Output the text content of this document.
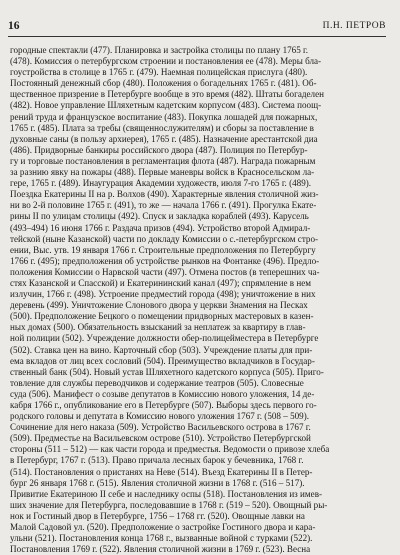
16	П.Н. ПЕТРОВ
городные спектакли (477). Планировка и застройка столицы по плану 1765 г.
(478). Комиссия о петербургском строении и постановления ее (478). Меры бла-
гоустройства в столице в 1765 г. (479). Наемная полицейская прислуга (480).
Постоянный денежный сбор (480). Положения о богадельнях 1765 г. (481). Об-
щественное призрение в Петербурге вообще в это время (482). Штаты богаделен
(482). Новое управление Шляхетным кадетским корпусом (483). Система поощ-
рений труда и французское воспитание (483). Покупка лошадей для пожарных,
1765 г. (485). Плата за требы (священнослужителям) и сборы за поставление в
духовные саны (в пользу архиерея), 1765 г. (485). Назначение арестантской диа
(486). Придворные банкиры российского двора (487). Полиция по Петербур-
гу и торговые постановления в регламентация флота (487). Награда пожарным
за разнию явку на пожары (488). Первые маневры войск в Красносельском ла-
гере, 1765 г. (489). Инаугурация Академии художеств, июля 7-го 1765 г. (489).
Поездка Екатерины II на р. Волхов (490). Характерные явления столичной жиз-
ни во 2-й половине 1765 г. (491), то же — начала 1766 г. (491). Прогулка Екате-
рины II по улицам столицы (492). Спуск и закладка кораблей (493). Карусель
(493–494) 16 июня 1766 г. Раздача призов (494). Устройство второй Адмирал-
тейской (ныне Казанской) части по докладу Комиссии о с.-петербургском стро-
ении, Выс. утв. 19 января 1766 г. Строительные предположения по Петербургу
1766 г. (495); предположения об устройстве рынков на Фонтанке (496). Предло-
положения Комиссии о Нарвской части (497). Отмена постов (в теперешних ча-
стях Казанской и Спасской) и Екатерининский канал (497); спрямление в нем
излучин, 1766 г. (498). Устроение предместий города (498); уничтожение в них
деревень (499). Уничтожение Слонового двора у церкви Знамения на Песках
(500). Предположение Бецкого о помещении придворных мастеровых в казен-
ных домах (500). Обязательность взысканий за неплатеж за квартиру в глав-
ной полиции (502). Учреждение должности обер-полицейместера в Петербурге
(502). Ставка цен на вино. Карточный сбор (503). Учреждение платы для при-
ема вкладов от лиц всех сословий (504). Преимущество вкладчиков в Государ-
ственный банк (504). Новый устав Шляхетного кадетского корпуса (505). Приго-
товление для службы переводчиков и содержание театров (505). Словесные
суда (506). Манифест о созыве депутатов в Комиссию нового уложения, 14 де-
кабря 1766 г., опубликование его в Петербурге (507). Выборы здесь первого го-
родского головы и депутата в Комиссию нового уложения 1767 г. (508 – 509).
Сочинение для него наказа (509). Устройство Васильевского острова в 1767 г.
(509). Предместье на Васильевском острове (510). Устройство Петербургской
стороны (511 – 512) — как части города и предместья. Ведомости о привозе хлеба
в Петербург, 1767 г. (513). Право причала лесных барок у бечевника, 1768 г.
(514). Постановления о пристанях на Неве (514). Въезд Екатерины II в Петер-
бург 26 января 1768 г. (515). Явления столичной жизни в 1768 г. (516 – 517).
Привитие Екатериною II себе и наследнику оспы (518). Постановления из имев-
ших значение для Петербурга, последовавшие в 1768 г. (519 – 520). Овощный ры-
нок и Гостиный двор в Петербурге, 1756 – 1768 гг. (520). Овощные лавки на
Малой Садовой ул. (520). Предположение о застройке Гостиного двора и кара-
ульни (521). Постановления конца 1768 г., вызванные войной с турками (522).
Постановления 1769 г. (522). Явления столичной жизни в 1769 г. (523). Весна
